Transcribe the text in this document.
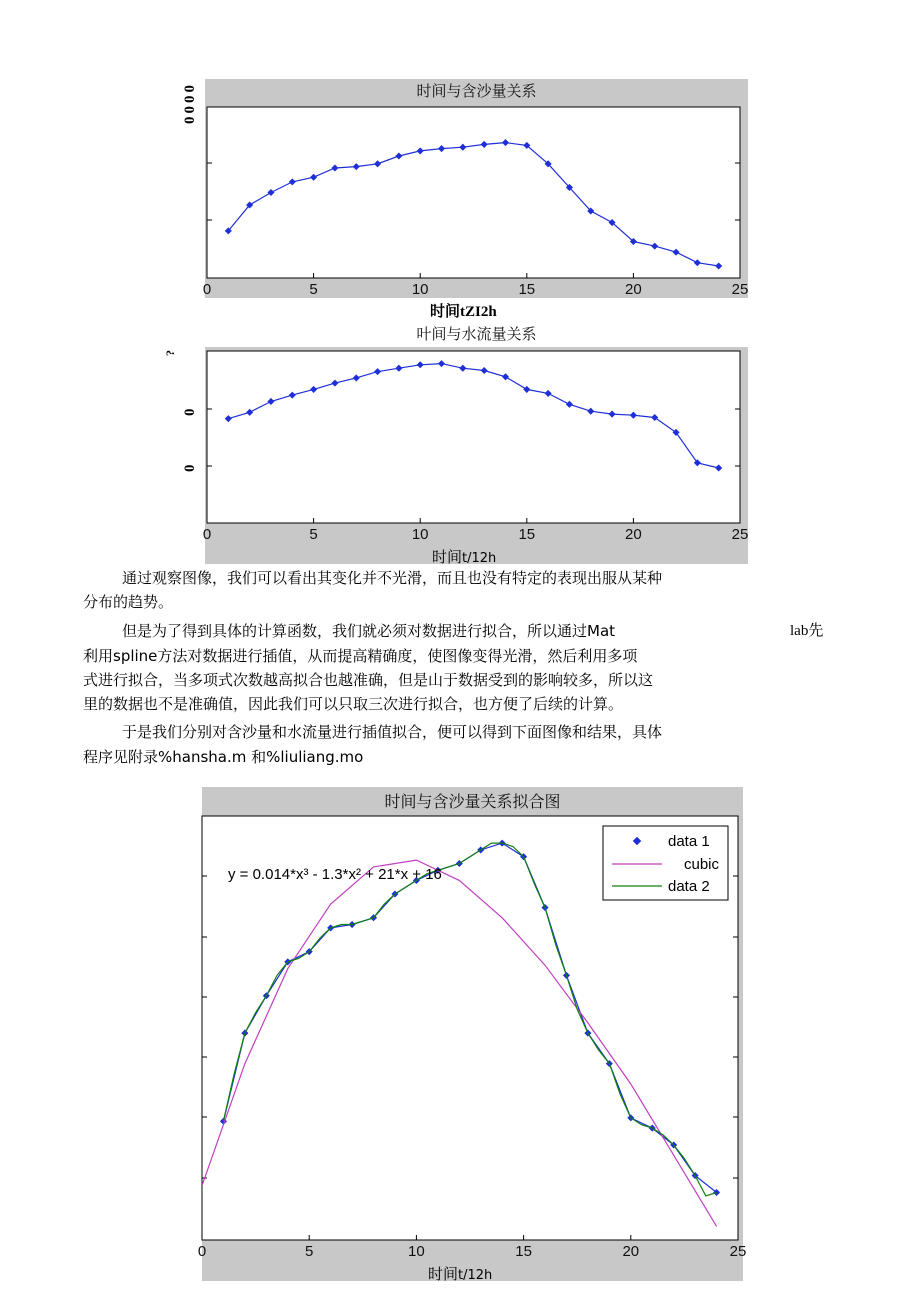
时间与含沙量关系
0000
0	5	10	15	20	25
时间tZI2h
叶间与水流量关系
?
0
0
0	5	10	15	20	25
时间t/12h
通过观察图像，我们可以看出其变化并不光滑，而且也没有特定的表现出服从某种
分布的趋势。
但是为了得到具体的计算函数，我们就必须对数据进行拟合，所以通过Mat	lab先
利用spline方法对数据进行插值，从而提高精确度，使图像变得光滑，然后利用多项
式进行拟合，当多项式次数越高拟合也越准确，但是山于数据受到的影响较多，所以这
里的数据也不是准确值，因此我们可以只取三次进行拟合，也方便了后续的计算。
于是我们分别对含沙量和水流量进行插值拟合，便可以得到下面图像和结果，具体
程序见附录%hansha.m 和%liuliang.mo
时间与含沙量关系拟合图
0	5	10	15	20	25
y = 0.014*x³ - 1.3*x² + 21*x + 16
data 1
cubic
data 2
时间t/12h
